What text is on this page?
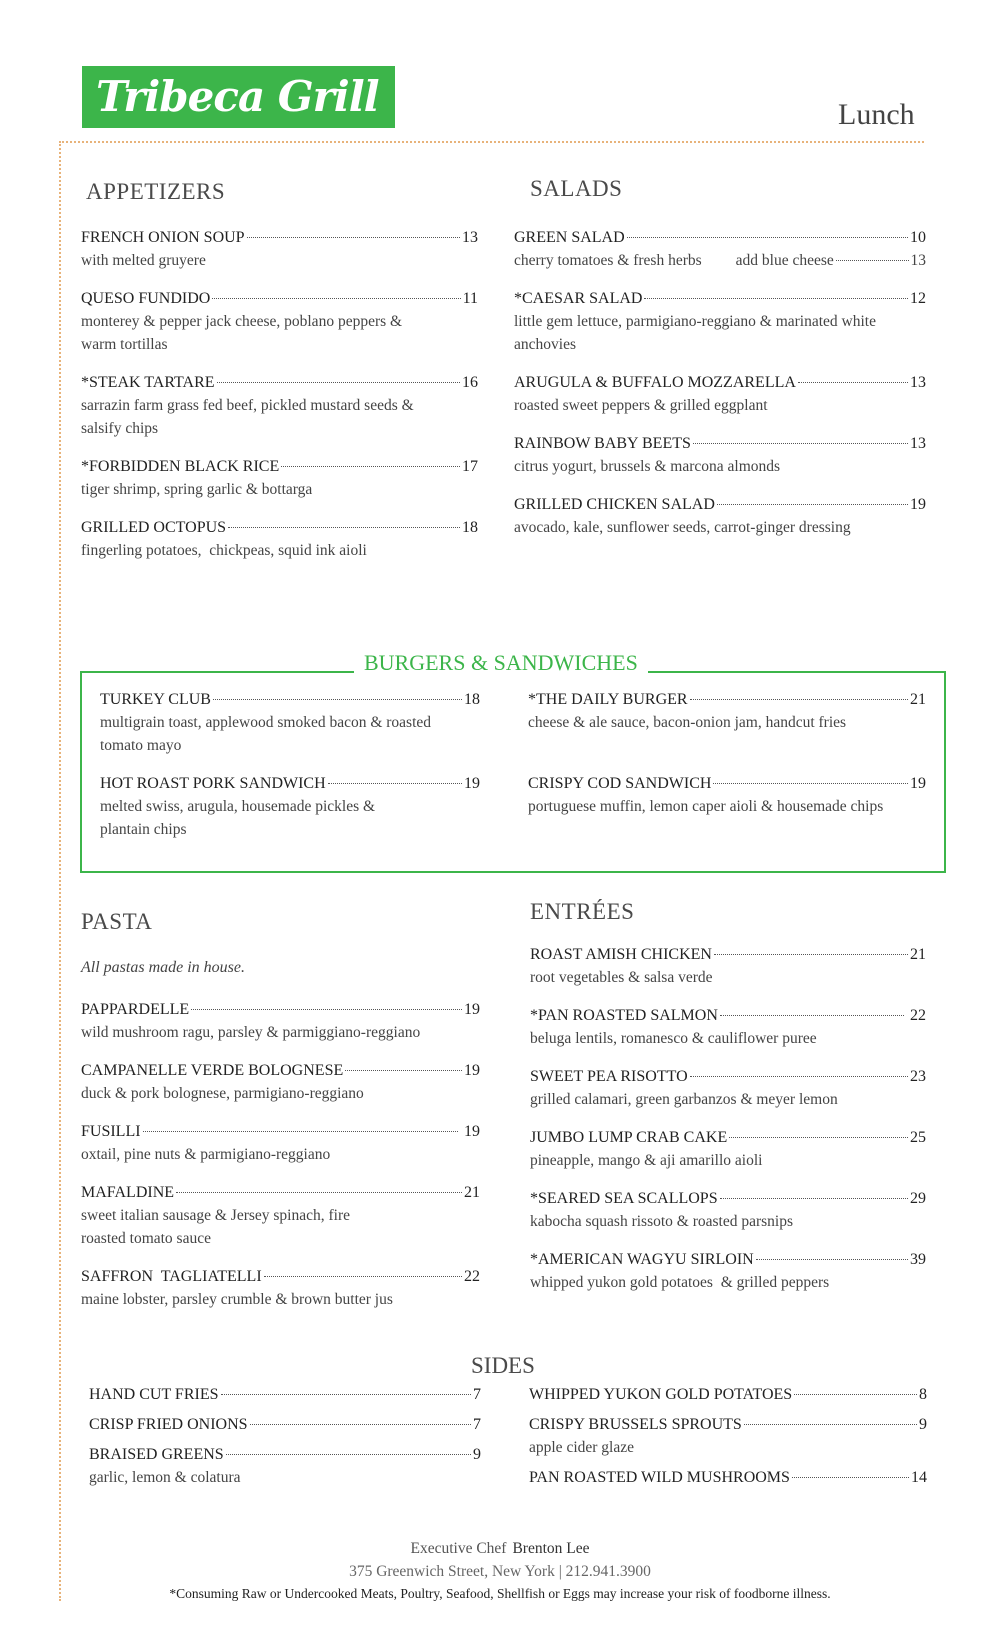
Tribeca Grill	Lunch
APPETIZERS
FRENCH ONION SOUP	13
with melted gruyere
QUESO FUNDIDO	11
monterey & pepper jack cheese, poblano peppers & warm tortillas
*STEAK TARTARE	16
sarrazin farm grass fed beef, pickled mustard seeds & salsify chips
*FORBIDDEN BLACK RICE	17
tiger shrimp, spring garlic & bottarga
GRILLED OCTOPUS	18
fingerling potatoes,  chickpeas, squid ink aioli
SALADS
GREEN SALAD	10
cherry tomatoes & fresh herbs add blue cheese	13
*CAESAR SALAD	12
little gem lettuce, parmigiano-reggiano & marinated white anchovies
ARUGULA & BUFFALO MOZZARELLA	13
roasted sweet peppers & grilled eggplant
RAINBOW BABY BEETS	13
citrus yogurt, brussels & marcona almonds
GRILLED CHICKEN SALAD	19
avocado, kale, sunflower seeds, carrot-ginger dressing
BURGERS & SANDWICHES
TURKEY CLUB	18
multigrain toast, applewood smoked bacon & roasted tomato mayo
HOT ROAST PORK SANDWICH	19
melted swiss, arugula, housemade pickles & plantain chips
*THE DAILY BURGER	21
cheese & ale sauce, bacon-onion jam, handcut fries
CRISPY COD SANDWICH	19
portuguese muffin, lemon caper aioli & housemade chips
PASTA
All pastas made in house.
PAPPARDELLE	19
wild mushroom ragu, parsley & parmiggiano-reggiano
CAMPANELLE VERDE BOLOGNESE	19
duck & pork bolognese, parmigiano-reggiano
FUSILLI	19
oxtail, pine nuts & parmigiano-reggiano
MAFALDINE	21
sweet italian sausage & Jersey spinach, fire roasted tomato sauce
SAFFRON  TAGLIATELLI	22
maine lobster, parsley crumble & brown butter jus
ENTRÉES
ROAST AMISH CHICKEN	21
root vegetables & salsa verde
*PAN ROASTED SALMON	22
beluga lentils, romanesco & cauliflower puree
SWEET PEA RISOTTO	23
grilled calamari, green garbanzos & meyer lemon
JUMBO LUMP CRAB CAKE	25
pineapple, mango & aji amarillo aioli
*SEARED SEA SCALLOPS	29
kabocha squash rissoto & roasted parsnips
*AMERICAN WAGYU SIRLOIN	39
whipped yukon gold potatoes  & grilled peppers
SIDES
HAND CUT FRIES	7
CRISP FRIED ONIONS	7
BRAISED GREENS	9
garlic, lemon & colatura
WHIPPED YUKON GOLD POTATOES	8
CRISPY BRUSSELS SPROUTS	9
apple cider glaze
PAN ROASTED WILD MUSHROOMS	14
Executive Chef Brenton Lee
375 Greenwich Street, New York | 212.941.3900
*Consuming Raw or Undercooked Meats, Poultry, Seafood, Shellfish or Eggs may increase your risk of foodborne illness.
